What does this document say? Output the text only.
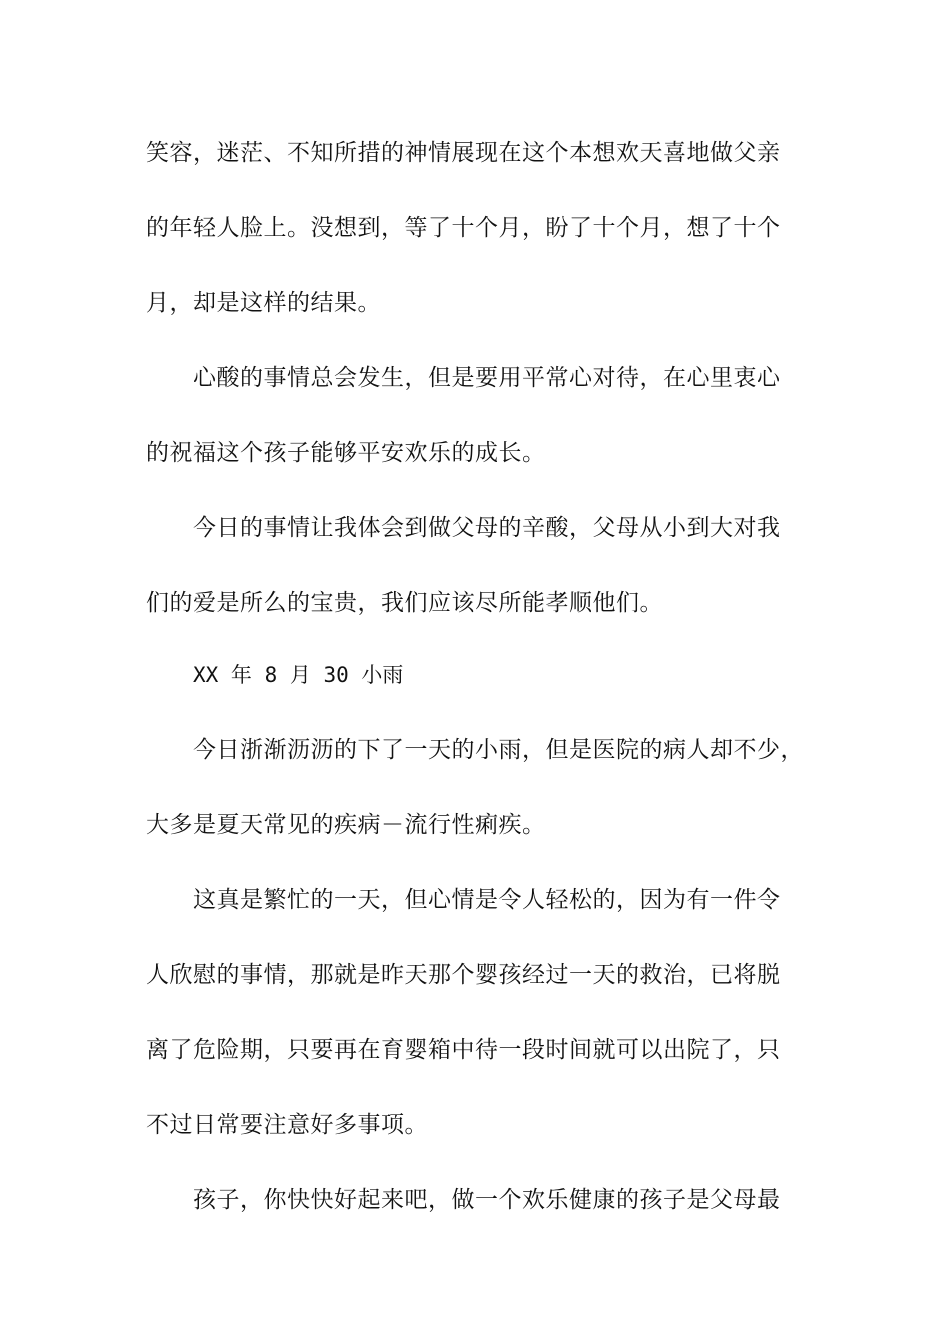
笑容，迷茫、不知所措的神情展现在这个本想欢天喜地做父亲
的年轻人脸上。没想到，等了十个月，盼了十个月，想了十个
月，却是这样的结果。
心酸的事情总会发生，但是要用平常心对待，在心里衷心
的祝福这个孩子能够平安欢乐的成长。
今日的事情让我体会到做父母的辛酸，父母从小到大对我
们的爱是所么的宝贵，我们应该尽所能孝顺他们。
XX 年 8 月 30 小雨
今日浙渐沥沥的下了一天的小雨，但是医院的病人却不少，
大多是夏天常见的疾病－流行性痢疾。
这真是繁忙的一天，但心情是令人轻松的，因为有一件令
人欣慰的事情，那就是昨天那个婴孩经过一天的救治，已将脱
离了危险期，只要再在育婴箱中待一段时间就可以出院了，只
不过日常要注意好多事项。
孩子，你快快好起来吧，做一个欢乐健康的孩子是父母最
